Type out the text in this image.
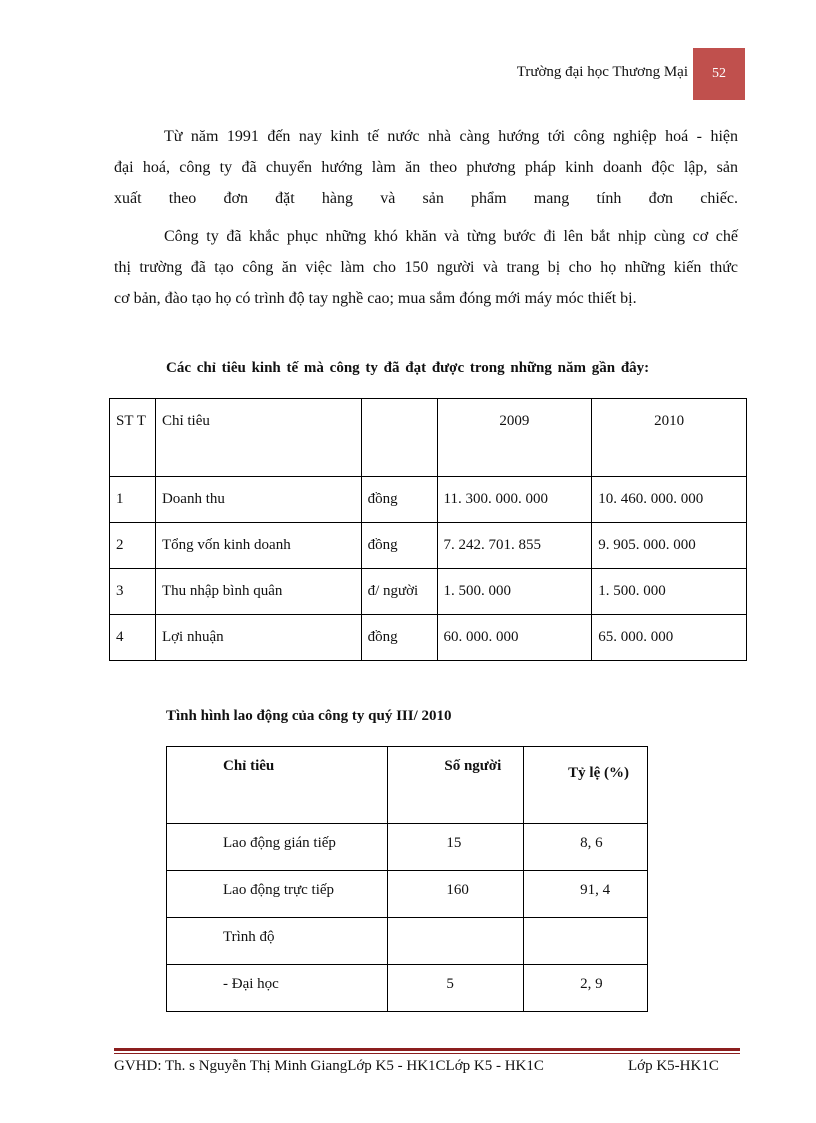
Trường đại học Thương Mại	52
Từ năm 1991 đến nay kinh tế nước nhà càng hướng tới công nghiệp hoá - hiện
đại hoá, công ty đã chuyển hướng làm ăn theo phương pháp kinh doanh độc lập, sản
xuất theo đơn đặt hàng và sản phẩm mang tính đơn chiếc.
Công ty đã khắc phục những khó khăn và từng bước đi lên bắt nhịp cùng cơ chế
thị trường đã tạo công ăn việc làm cho 150 người và trang bị cho họ những kiến thức
cơ bản, đào tạo họ có trình độ tay nghề cao; mua sắm đóng mới máy móc thiết bị.
Các chỉ tiêu kinh tế mà công ty đã đạt được trong những năm gần đây:
ST T	Chỉ tiêu		2009	2010
1	Doanh thu	đồng	11. 300. 000. 000	10. 460. 000. 000
2	Tổng vốn kinh doanh	đồng	7. 242. 701. 855	9. 905. 000. 000
3	Thu nhập bình quân	đ/ người	1. 500. 000	1. 500. 000
4	Lợi nhuận	đồng	60. 000. 000	65. 000. 000
Tình hình lao động của công ty quý III/ 2010
Chỉ tiêu	Số người	Tỷ lệ (%)
Lao động gián tiếp	15	8, 6
Lao động trực tiếp	160	91, 4
Trình độ		
- Đại học	5	2, 9
GVHD: Th. s Nguyễn Thị Minh GiangLớp K5 - HK1CLớp K5 - HK1C	Lớp K5-HK1C
